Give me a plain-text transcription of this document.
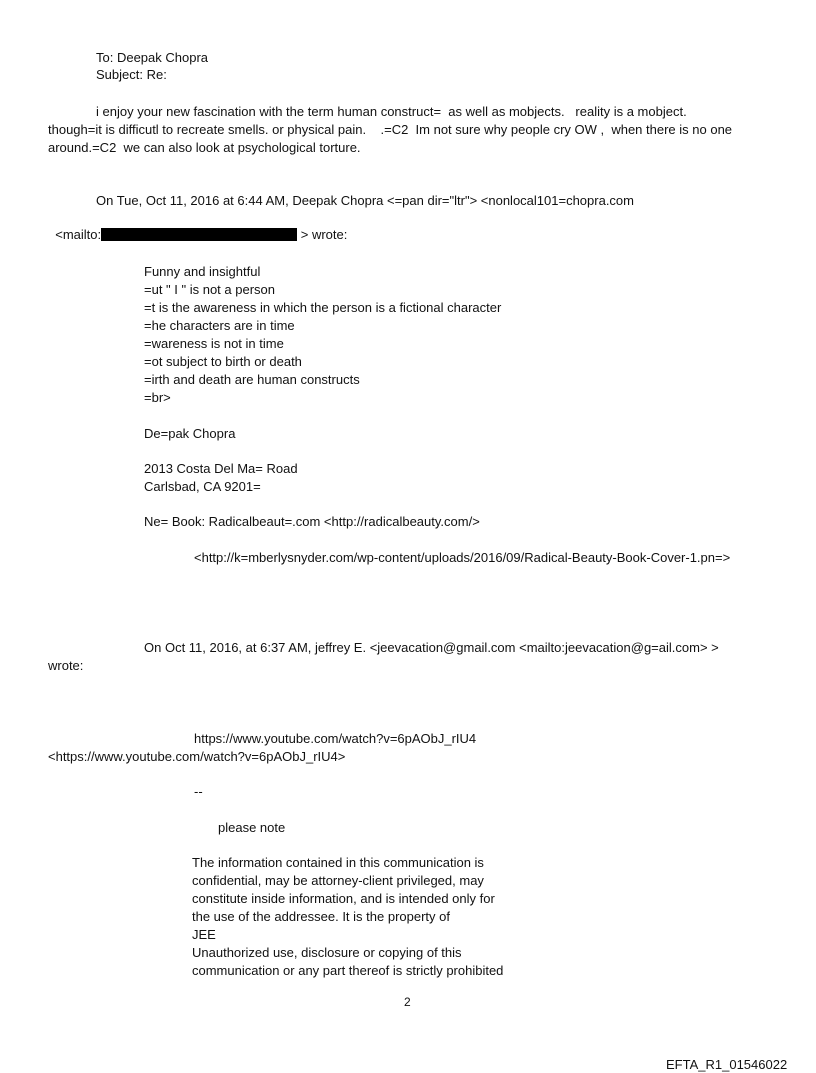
To: Deepak Chopra
Subject: Re:
i enjoy your new fascination with the term human construct=  as well as mobjects.   reality is a mobject.
though=it is difficutl to recreate smells. or physical pain.    .=C2  Im not sure why people cry OW ,  when there is no one
around.=C2  we can also look at psychological torture.
On Tue, Oct 11, 2016 at 6:44 AM, Deepak Chopra <=pan dir="ltr"> <nonlocal101=chopra.com

<mailto:	> wrote:

Funny and insightful
=ut " I " is not a person
=t is the awareness in which the person is a fictional character
=he characters are in time
=wareness is not in time
=ot subject to birth or death
=irth and death are human constructs
=br>
De=pak Chopra
2013 Costa Del Ma= Road
Carlsbad, CA 9201=
Ne= Book: Radicalbeaut=.com <http://radicalbeauty.com/>
<http://k=mberlysnyder.com/wp-content/uploads/2016/09/Radical-Beauty-Book-Cover-1.pn=>
On Oct 11, 2016, at 6:37 AM, jeffrey E. <jeevacation@gmail.com <mailto:jeevacation@g=ail.com> >
wrote:
https://www.youtube.com/watch?v=6pAObJ_rIU4
<https://www.youtube.com/watch?v=6pAObJ_rIU4>
--
please note
The information contained in this communication is
confidential, may be attorney-client privileged, may
constitute inside information, and is intended only for
the use of the addressee. It is the property of
JEE
Unauthorized use, disclosure or copying of this
communication or any part thereof is strictly prohibited
2
EFTA_R1_01546022
